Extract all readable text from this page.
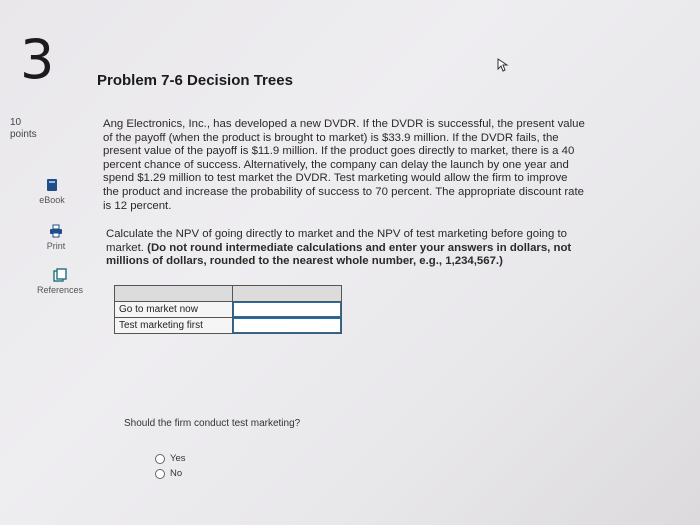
3	Problem 7-6 Decision Trees
10
points
eBook
Print
References
Ang Electronics, Inc., has developed a new DVDR. If the DVDR is successful, the present value of the payoff (when the product is brought to market) is $33.9 million. If the DVDR fails, the present value of the payoff is $11.9 million. If the product goes directly to market, there is a 40 percent chance of success. Alternatively, the company can delay the launch by one year and spend $1.29 million to test market the DVDR. Test marketing would allow the firm to improve the product and increase the probability of success to 70 percent. The appropriate discount rate is 12 percent.
Calculate the NPV of going directly to market and the NPV of test marketing before going to market. (Do not round intermediate calculations and enter your answers in dollars, not millions of dollars, rounded to the nearest whole number, e.g., 1,234,567.)

Go to market now	
Test marketing first	
Should the firm conduct test marketing?
Yes
No
